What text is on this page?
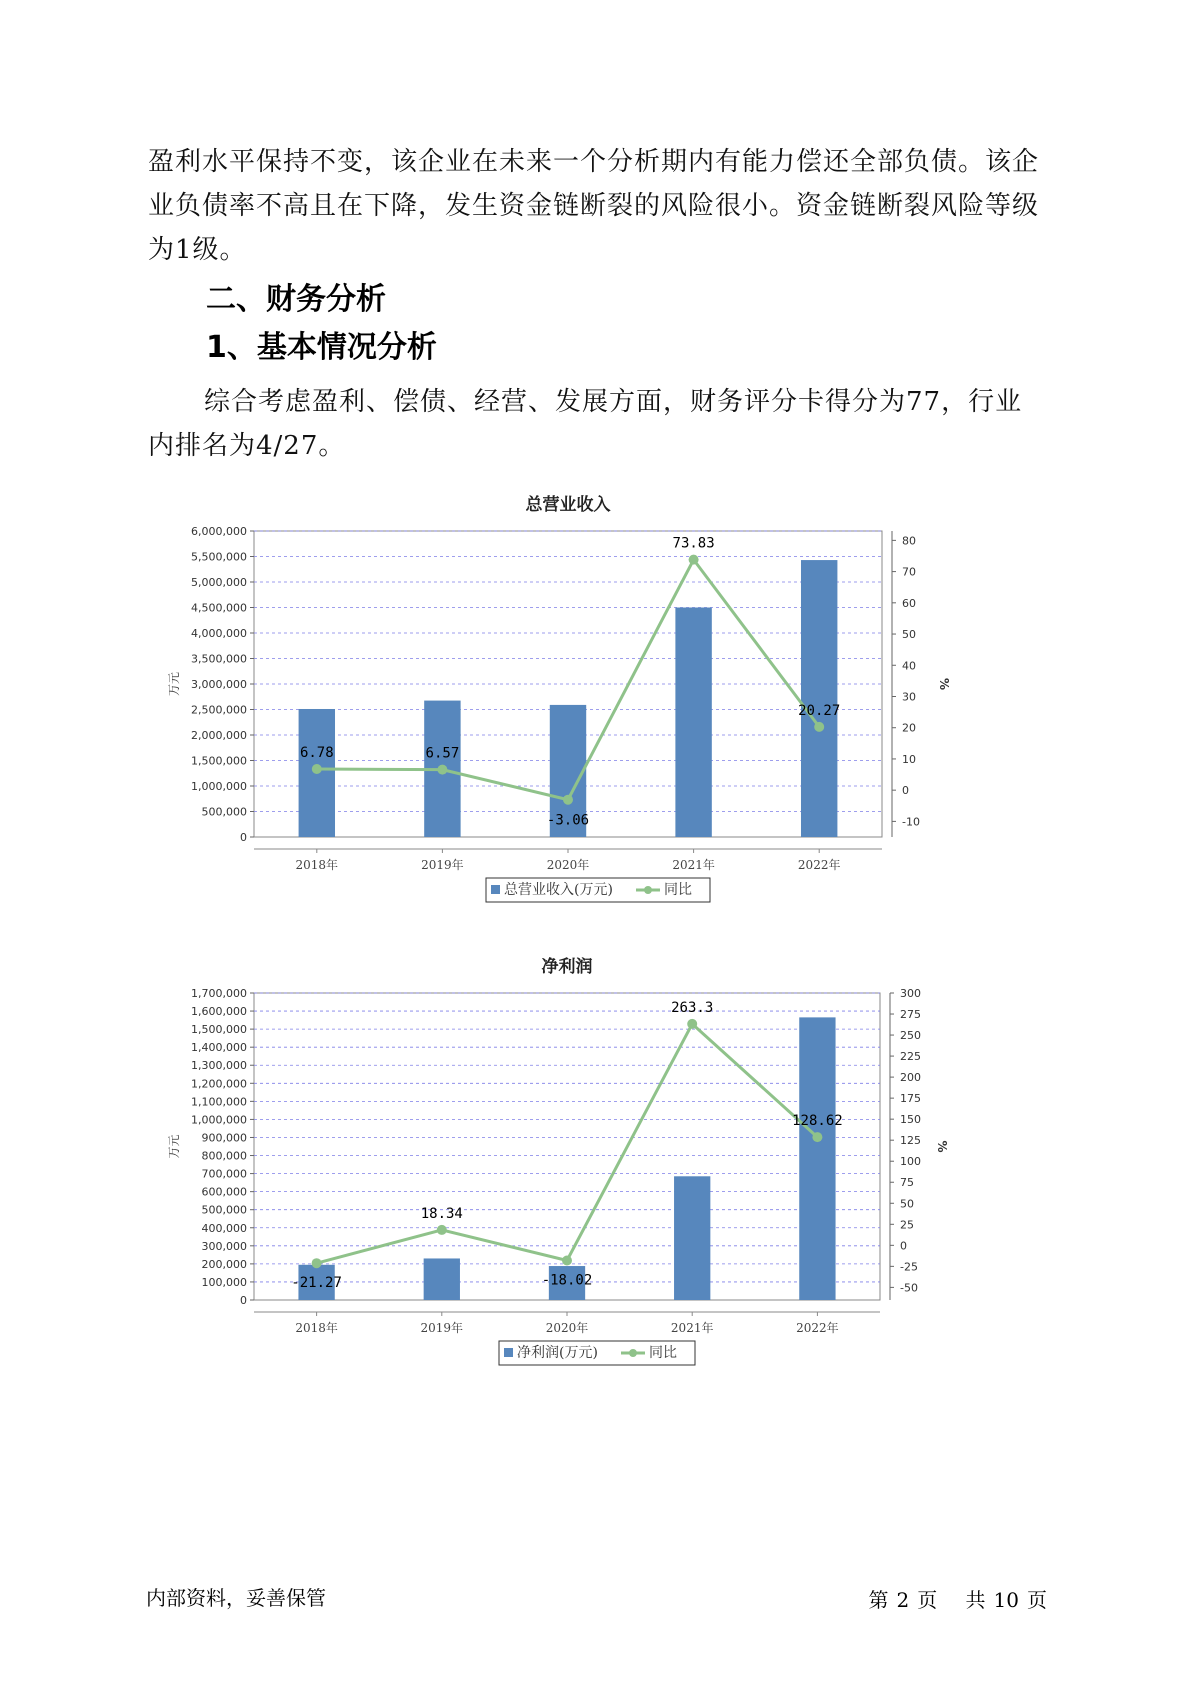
盈利水平保持不变，该企业在未来一个分析期内有能力偿还全部负债。该企业负债率不高且在下降，发生资金链断裂的风险很小。资金链断裂风险等级为1级。

二、财务分析
1、基本情况分析

综合考虑盈利、偿债、经营、发展方面，财务评分卡得分为77，行业内排名为4/27。

总营业收入
0
500,000
1,000,000
1,500,000
2,000,000
2,500,000
3,000,000
3,500,000
4,000,000
4,500,000
5,000,000
5,500,000
6,000,000
-10
0
10
20
30
40
50
60
70
80
万元	%
2018年	2019年	2020年	2021年	2022年
6.78	6.57
-3.06
73.83
20.27
总营业收入(万元)	同比
净利润
0
100,000
200,000
300,000
400,000
500,000
600,000
700,000
800,000
900,000
1,000,000
1,100,000
1,200,000
1,300,000
1,400,000
1,500,000
1,600,000
1,700,000
-50
-25
0
25
50
75
100
125
150
175
200
225
250
275
300
万元	%
2018年	2019年	2020年	2021年	2022年
-21.27
18.34
-18.02
263.3
128.62
净利润(万元)	同比
内部资料，妥善保管	第 2 页 共 10 页
